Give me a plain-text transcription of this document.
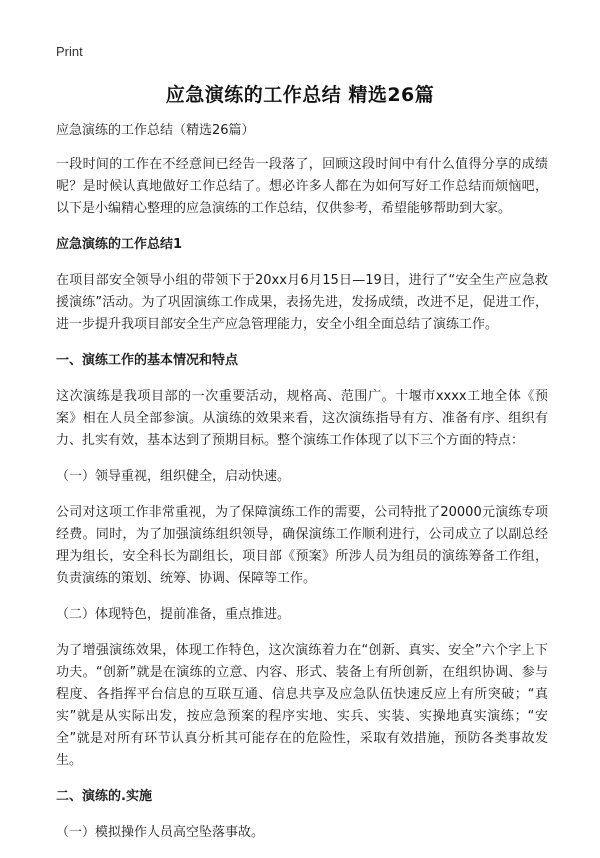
Print
应急演练的工作总结 精选26篇

应急演练的工作总结（精选26篇）

一段时间的工作在不经意间已经告一段落了，回顾这段时间中有什么值得分享的成绩呢？是时候认真地做好工作总结了。想必许多人都在为如何写好工作总结而烦恼吧，以下是小编精心整理的应急演练的工作总结，仅供参考，希望能够帮助到大家。

应急演练的工作总结1

在项目部安全领导小组的带领下于20xx月6月15日—19日，进行了“安全生产应急救援演练”活动。为了巩固演练工作成果，表扬先进，发扬成绩，改进不足，促进工作，进一步提升我项目部安全生产应急管理能力，安全小组全面总结了演练工作。

一、演练工作的基本情况和特点

这次演练是我项目部的一次重要活动，规格高、范围广。十堰市xxxx工地全体《预案》相在人员全部参演。从演练的效果来看，这次演练指导有方、准备有序、组织有力、扎实有效，基本达到了预期目标。整个演练工作体现了以下三个方面的特点：

（一）领导重视，组织健全，启动快速。

公司对这项工作非常重视，为了保障演练工作的需要，公司特批了20000元演练专项经费。同时，为了加强演练组织领导，确保演练工作顺利进行，公司成立了以副总经理为组长，安全科长为副组长，项目部《预案》所涉人员为组员的演练筹备工作组，负责演练的策划、统筹、协调、保障等工作。

（二）体现特色，提前准备，重点推进。

为了增强演练效果，体现工作特色，这次演练着力在“创新、真实、安全”六个字上下功夫。“创新”就是在演练的立意、内容、形式、装备上有所创新，在组织协调、参与程度、各指挥平台信息的互联互通、信息共享及应急队伍快速反应上有所突破；“真实”就是从实际出发，按应急预案的程序实地、实兵、实装、实操地真实演练；“安全”就是对所有环节认真分析其可能存在的危险性，采取有效措施，预防各类事故发生。

二、演练的.实施

（一）模拟操作人员高空坠落事故。
